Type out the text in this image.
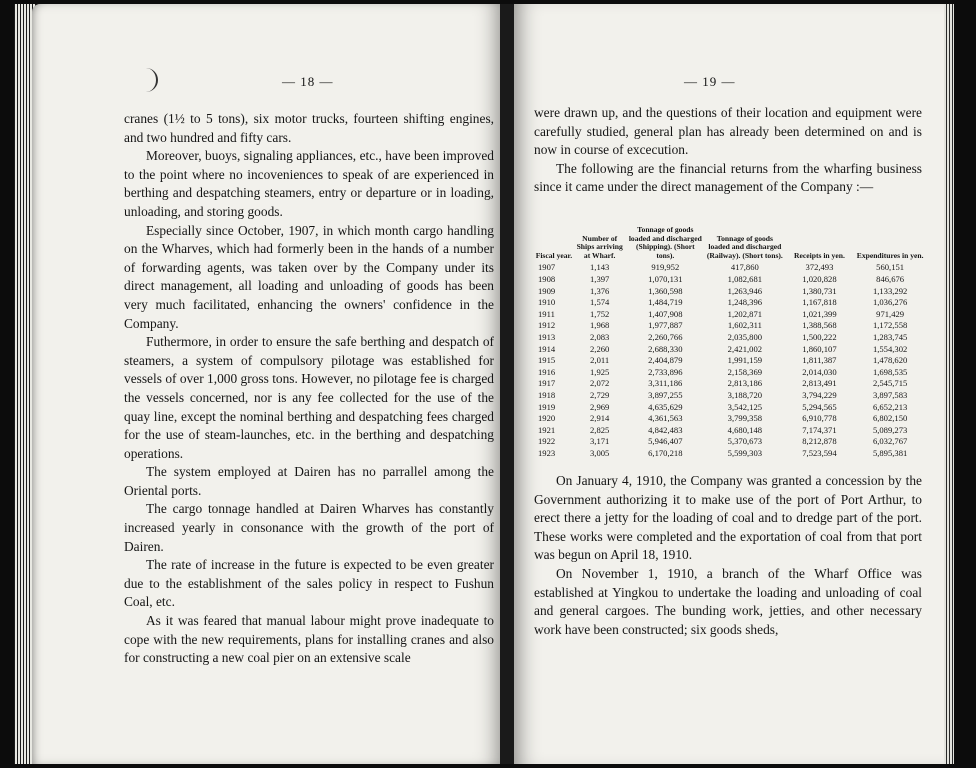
— 18 —

cranes (1½ to 5 tons), six motor trucks, fourteen shifting engines, and two hundred and fifty cars.

Moreover, buoys, signaling appliances, etc., have been improved to the point where no incoveniences to speak of are experienced in berthing and despatching steamers, entry or departure or in loading, unloading, and storing goods.

Especially since October, 1907, in which month cargo handling on the Wharves, which had formerly been in the hands of a number of forwarding agents, was taken over by the Company under its direct management, all loading and unloading of goods has been very much facilitated, enhancing the owners' confidence in the Company.

Futhermore, in order to ensure the safe berthing and despatch of steamers, a system of compulsory pilotage was established for vessels of over 1,000 gross tons. However, no pilotage fee is charged the vessels concerned, nor is any fee collected for the use of the quay line, except the nominal berthing and despatching fees charged for the use of steam-launches, etc. in the berthing and despatching operations.

The system employed at Dairen has no parrallel among the Oriental ports.

The cargo tonnage handled at Dairen Wharves has constantly increased yearly in consonance with the growth of the port of Dairen.

The rate of increase in the future is expected to be even greater due to the establishment of the sales policy in respect to Fushun Coal, etc.

As it was feared that manual labour might prove inadequate to cope with the new requirements, plans for installing cranes and also for constructing a new coal pier on an extensive scale

— 19 —

were drawn up, and the questions of their location and equipment were carefully studied, general plan has already been determined on and is now in course of excecution.

The following are the financial returns from the wharfing business since it came under the direct management of the Company :—

Fiscal year.	Number of Ships arriving at Wharf.	Tonnage of goods loaded and discharged (Shipping). (Short tons).	Tonnage of goods loaded and discharged (Railway). (Short tons).	Receipts in yen.	Expenditures in yen.
1907	1,143	919,952	417,860	372,493	560,151
1908	1,397	1,070,131	1,082,681	1,020,828	846,676
1909	1,376	1,360,598	1,263,946	1,380,731	1,133,292
1910	1,574	1,484,719	1,248,396	1,167,818	1,036,276
1911	1,752	1,407,908	1,202,871	1,021,399	971,429
1912	1,968	1,977,887	1,602,311	1,388,568	1,172,558
1913	2,083	2,260,766	2,035,800	1,500,222	1,283,745
1914	2,260	2,688,330	2,421,002	1,860,107	1,554,302
1915	2,011	2,404,879	1,991,159	1,811,387	1,478,620
1916	1,925	2,733,896	2,158,369	2,014,030	1,698,535
1917	2,072	3,311,186	2,813,186	2,813,491	2,545,715
1918	2,729	3,897,255	3,188,720	3,794,229	3,897,583
1919	2,969	4,635,629	3,542,125	5,294,565	6,652,213
1920	2,914	4,361,563	3,799,358	6,910,778	6,802,150
1921	2,825	4,842,483	4,680,148	7,174,371	5,089,273
1922	3,171	5,946,407	5,370,673	8,212,878	6,032,767
1923	3,005	6,170,218	5,599,303	7,523,594	5,895,381

On January 4, 1910, the Company was granted a concession by the Government authorizing it to make use of the port of Port Arthur, to erect there a jetty for the loading of coal and to dredge part of the port. These works were completed and the exportation of coal from that port was begun on April 18, 1910.

On November 1, 1910, a branch of the Wharf Office was established at Yingkou to undertake the loading and unloading of coal and general cargoes. The bunding work, jetties, and other necessary work have been constructed; six goods sheds,
